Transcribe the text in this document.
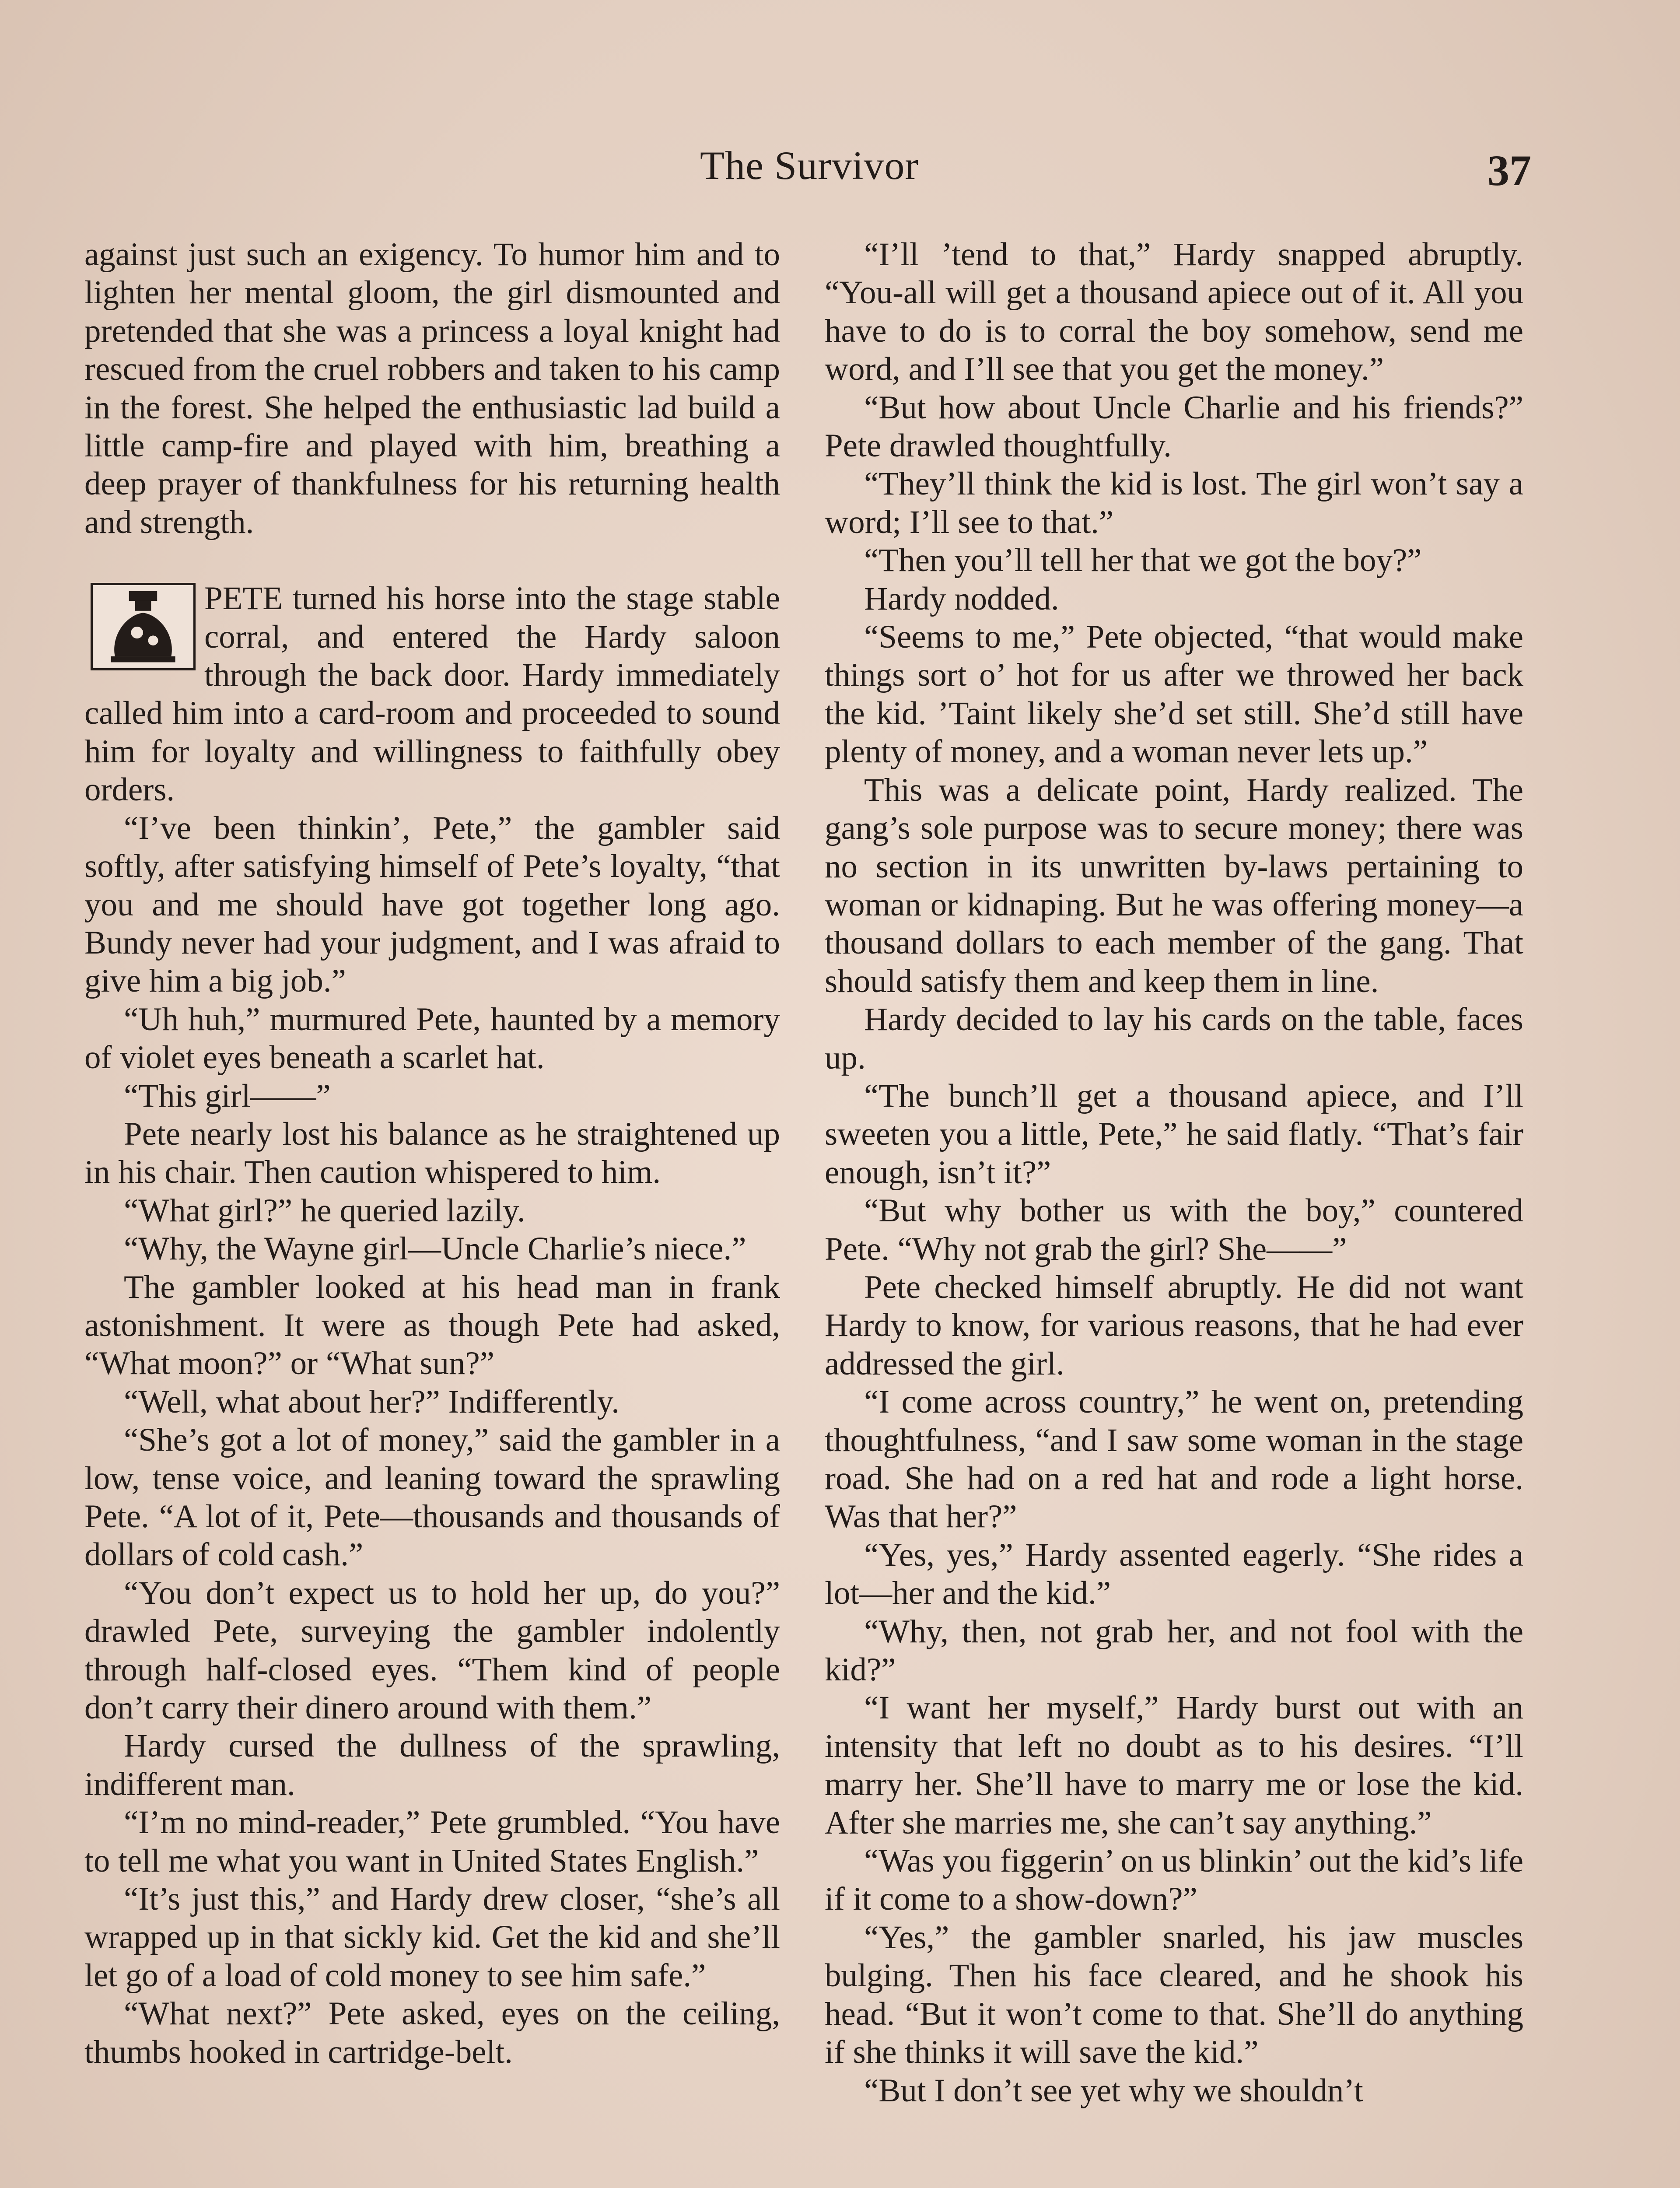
The Survivor	37

against just such an exigency. To humor him and to lighten her mental gloom, the girl dismounted and pretended that she was a princess a loyal knight had rescued from the cruel robbers and taken to his camp in the forest. She helped the enthusiastic lad build a little camp-fire and played with him, breathing a deep prayer of thankfulness for his returning health and strength.

PETE turned his horse into the stage stable corral, and entered the Hardy saloon through the back door. Hardy immediately called him into a card-room and proceeded to sound him for loyalty and willingness to faithfully obey orders.

“I’ve been thinkin’, Pete,” the gambler said softly, after satisfying himself of Pete’s loyalty, “that you and me should have got together long ago. Bundy never had your judgment, and I was afraid to give him a big job.”

“Uh huh,” murmured Pete, haunted by a memory of violet eyes beneath a scarlet hat.

“This girl——”

Pete nearly lost his balance as he straightened up in his chair. Then caution whispered to him.

“What girl?” he queried lazily.

“Why, the Wayne girl—Uncle Charlie’s niece.”

The gambler looked at his head man in frank astonishment. It were as though Pete had asked, “What moon?” or “What sun?”

“Well, what about her?” Indifferently.

“She’s got a lot of money,” said the gambler in a low, tense voice, and leaning toward the sprawling Pete. “A lot of it, Pete—thousands and thousands of dollars of cold cash.”

“You don’t expect us to hold her up, do you?” drawled Pete, surveying the gambler indolently through half-closed eyes. “Them kind of people don’t carry their dinero around with them.”

Hardy cursed the dullness of the sprawling, indifferent man.

“I’m no mind-reader,” Pete grumbled. “You have to tell me what you want in United States English.”

“It’s just this,” and Hardy drew closer, “she’s all wrapped up in that sickly kid. Get the kid and she’ll let go of a load of cold money to see him safe.”

“What next?” Pete asked, eyes on the ceiling, thumbs hooked in cartridge-belt.

“I’ll ’tend to that,” Hardy snapped abruptly. “You-all will get a thousand apiece out of it. All you have to do is to corral the boy somehow, send me word, and I’ll see that you get the money.”

“But how about Uncle Charlie and his friends?” Pete drawled thoughtfully.

“They’ll think the kid is lost. The girl won’t say a word; I’ll see to that.”

“Then you’ll tell her that we got the boy?”

Hardy nodded.

“Seems to me,” Pete objected, “that would make things sort o’ hot for us after we throwed her back the kid. ’Taint likely she’d set still. She’d still have plenty of money, and a woman never lets up.”

This was a delicate point, Hardy realized. The gang’s sole purpose was to secure money; there was no section in its unwritten by-laws pertaining to woman or kidnaping. But he was offering money—a thousand dollars to each member of the gang. That should satisfy them and keep them in line.

Hardy decided to lay his cards on the table, faces up.

“The bunch’ll get a thousand apiece, and I’ll sweeten you a little, Pete,” he said flatly. “That’s fair enough, isn’t it?”

“But why bother us with the boy,” countered Pete. “Why not grab the girl? She——”

Pete checked himself abruptly. He did not want Hardy to know, for various reasons, that he had ever addressed the girl.

“I come across country,” he went on, pretending thoughtfulness, “and I saw some woman in the stage road. She had on a red hat and rode a light horse. Was that her?”

“Yes, yes,” Hardy assented eagerly. “She rides a lot—her and the kid.”

“Why, then, not grab her, and not fool with the kid?”

“I want her myself,” Hardy burst out with an intensity that left no doubt as to his desires. “I’ll marry her. She’ll have to marry me or lose the kid. After she marries me, she can’t say anything.”

“Was you figgerin’ on us blinkin’ out the kid’s life if it come to a show-down?”

“Yes,” the gambler snarled, his jaw muscles bulging. Then his face cleared, and he shook his head. “But it won’t come to that. She’ll do anything if she thinks it will save the kid.”

“But I don’t see yet why we shouldn’t
